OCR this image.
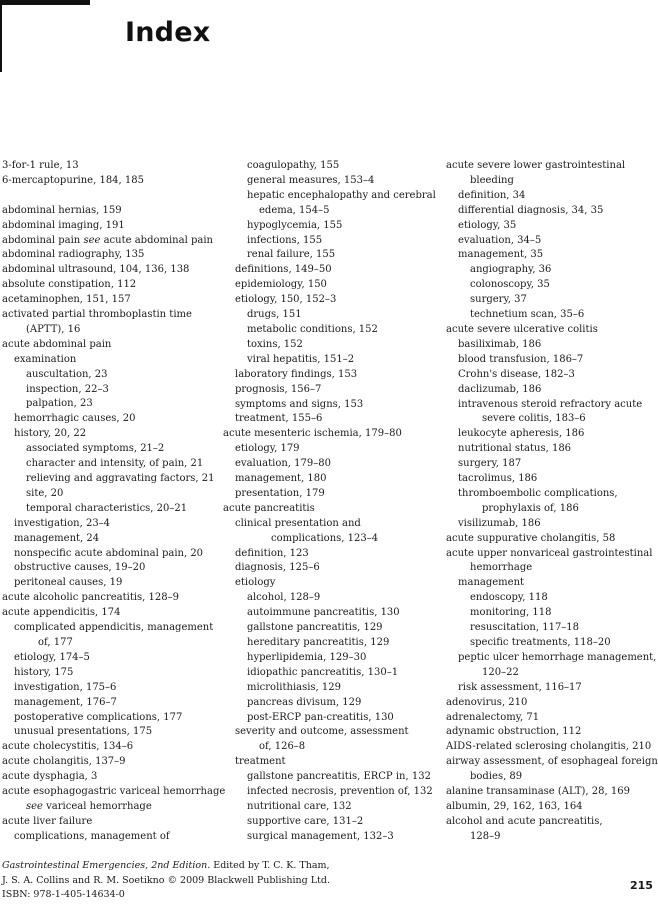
Index
3-for-1 rule, 13
6-mercaptopurine, 184, 185
abdominal hernias, 159
abdominal imaging, 191
abdominal pain see acute abdominal pain
abdominal radiography, 135
abdominal ultrasound, 104, 136, 138
absolute constipation, 112
acetaminophen, 151, 157
activated partial thromboplastin time
(APTT), 16
acute abdominal pain
examination
auscultation, 23
inspection, 22–3
palpation, 23
hemorrhagic causes, 20
history, 20, 22
associated symptoms, 21–2
character and intensity, of pain, 21
relieving and aggravating factors, 21
site, 20
temporal characteristics, 20–21
investigation, 23–4
management, 24
nonspecific acute abdominal pain, 20
obstructive causes, 19–20
peritoneal causes, 19
acute alcoholic pancreatitis, 128–9
acute appendicitis, 174
complicated appendicitis, management
of, 177
etiology, 174–5
history, 175
investigation, 175–6
management, 176–7
postoperative complications, 177
unusual presentations, 175
acute cholecystitis, 134–6
acute cholangitis, 137–9
acute dysphagia, 3
acute esophagogastric variceal hemorrhage
see variceal hemorrhage
acute liver failure
complications, management of
coagulopathy, 155
general measures, 153–4
hepatic encephalopathy and cerebral
edema, 154–5
hypoglycemia, 155
infections, 155
renal failure, 155
definitions, 149–50
epidemiology, 150
etiology, 150, 152–3
drugs, 151
metabolic conditions, 152
toxins, 152
viral hepatitis, 151–2
laboratory findings, 153
prognosis, 156–7
symptoms and signs, 153
treatment, 155–6
acute mesenteric ischemia, 179–80
etiology, 179
evaluation, 179–80
management, 180
presentation, 179
acute pancreatitis
clinical presentation and
complications, 123–4
definition, 123
diagnosis, 125–6
etiology
alcohol, 128–9
autoimmune pancreatitis, 130
gallstone pancreatitis, 129
hereditary pancreatitis, 129
hyperlipidemia, 129–30
idiopathic pancreatitis, 130–1
microlithiasis, 129
pancreas divisum, 129
post-ERCP pan-creatitis, 130
severity and outcome, assessment
of, 126–8
treatment
gallstone pancreatitis, ERCP in, 132
infected necrosis, prevention of, 132
nutritional care, 132
supportive care, 131–2
surgical management, 132–3
acute severe lower gastrointestinal
bleeding
definition, 34
differential diagnosis, 34, 35
etiology, 35
evaluation, 34–5
management, 35
angiography, 36
colonoscopy, 35
surgery, 37
technetium scan, 35–6
acute severe ulcerative colitis
basiliximab, 186
blood transfusion, 186–7
Crohn's disease, 182–3
daclizumab, 186
intravenous steroid refractory acute
severe colitis, 183–6
leukocyte apheresis, 186
nutritional status, 186
surgery, 187
tacrolimus, 186
thromboembolic complications,
prophylaxis of, 186
visilizumab, 186
acute suppurative cholangitis, 58
acute upper nonvariceal gastrointestinal
hemorrhage
management
endoscopy, 118
monitoring, 118
resuscitation, 117–18
specific treatments, 118–20
peptic ulcer hemorrhage management,
120–22
risk assessment, 116–17
adenovirus, 210
adrenalectomy, 71
adynamic obstruction, 112
AIDS-related sclerosing cholangitis, 210
airway assessment, of esophageal foreign
bodies, 89
alanine transaminase (ALT), 28, 169
albumin, 29, 162, 163, 164
alcohol and acute pancreatitis,
128–9
Gastrointestinal Emergencies, 2nd Edition. Edited by T. C. K. Tham,
J. S. A. Collins and R. M. Soetikno © 2009 Blackwell Publishing Ltd.
ISBN: 978-1-405-14634-0
215
